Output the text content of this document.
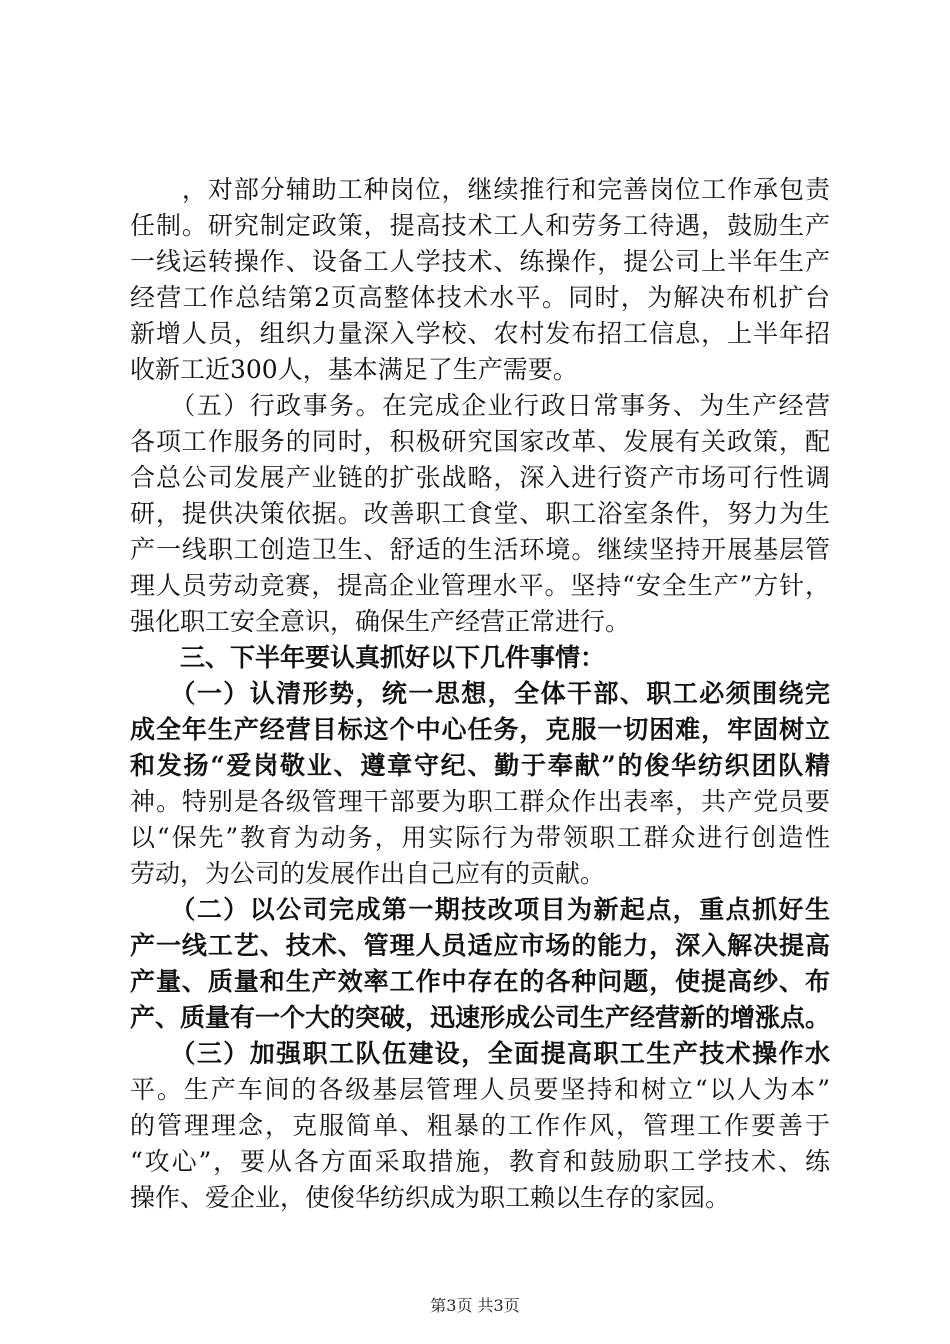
　　，对部分辅助工种岗位，继续推行和完善岗位工作承包责
任制。研究制定政策，提高技术工人和劳务工待遇，鼓励生产
一线运转操作、设备工人学技术、练操作，提公司上半年生产
经营工作总结第2页高整体技术水平。同时，为解决布机扩台
新增人员，组织力量深入学校、农村发布招工信息，上半年招
收新工近300人，基本满足了生产需要。
　　（五）行政事务。在完成企业行政日常事务、为生产经营
各项工作服务的同时，积极研究国家改革、发展有关政策，配
合总公司发展产业链的扩张战略，深入进行资产市场可行性调
研，提供决策依据。改善职工食堂、职工浴室条件，努力为生
产一线职工创造卫生、舒适的生活环境。继续坚持开展基层管
理人员劳动竞赛，提高企业管理水平。坚持“安全生产”方针，
强化职工安全意识，确保生产经营正常进行。
　　三、下半年要认真抓好以下几件事情：
　　（一）认清形势，统一思想，全体干部、职工必须围绕完
成全年生产经营目标这个中心任务，克服一切困难，牢固树立
和发扬“爱岗敬业、遵章守纪、勤于奉献”的俊华纺织团队精
神。特别是各级管理干部要为职工群众作出表率，共产党员要
以“保先”教育为动务，用实际行为带领职工群众进行创造性
劳动，为公司的发展作出自己应有的贡献。
　　（二）以公司完成第一期技改项目为新起点，重点抓好生
产一线工艺、技术、管理人员适应市场的能力，深入解决提高
产量、质量和生产效率工作中存在的各种问题，使提高纱、布
产、质量有一个大的突破，迅速形成公司生产经营新的增涨点。
　　（三）加强职工队伍建设，全面提高职工生产技术操作水
平。生产车间的各级基层管理人员要坚持和树立“以人为本”
的管理理念，克服简单、粗暴的工作作风，管理工作要善于
“攻心”，要从各方面采取措施，教育和鼓励职工学技术、练
操作、爱企业，使俊华纺织成为职工赖以生存的家园。
第3页 共3页
